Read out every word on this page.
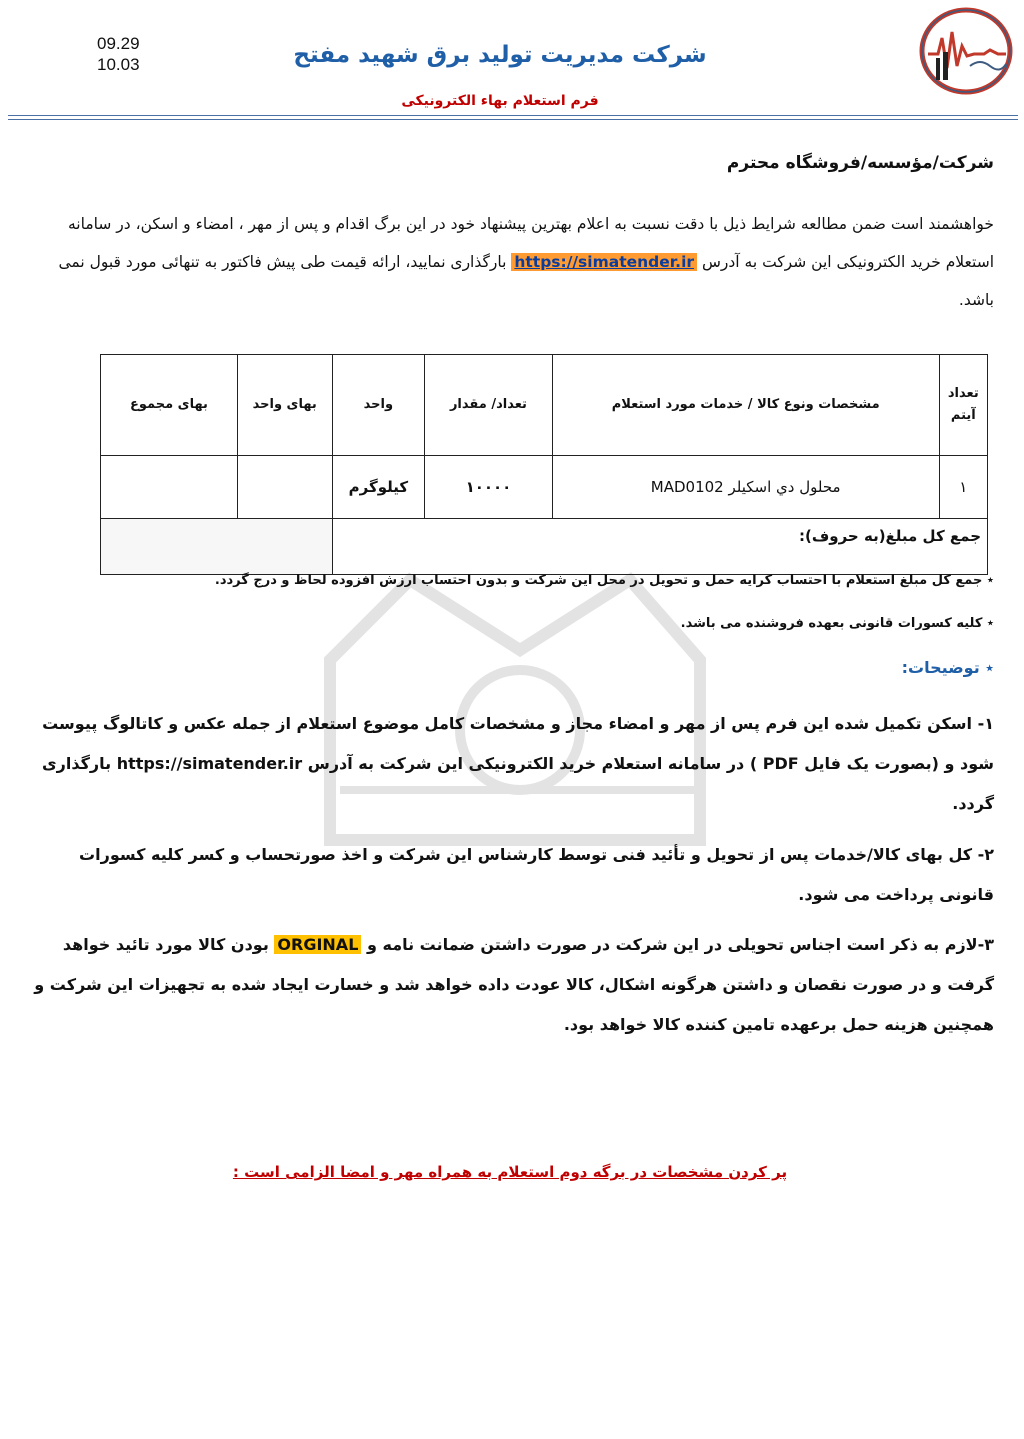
09.29
10.03	شرکت مدیریت تولید برق شهید مفتح
فرم استعلام بهاء الکترونیکی
شرکت/مؤسسه/فروشگاه محترم
خواهشمند است ضمن مطالعه شرایط ذیل با دقت نسبت به اعلام بهترین پیشنهاد خود در این برگ اقدام و پس از مهر ، امضاء و اسکن، در سامانه استعلام خرید الکترونیکی این شرکت به آدرس https://simatender.ir بارگذاری نمایید، ارائه قیمت طی پیش فاکتور به تنهائی مورد قبول نمی باشد.
تعداد آیتم	مشخصات ونوع کالا / خدمات مورد استعلام	تعداد/ مقدار	واحد	بهای واحد	بهای مجموع
۱	محلول دي اسكيلر MAD0102	۱۰۰۰۰	کیلوگرم		
جمع کل مبلغ(به حروف):					
٭ جمع کل مبلغ استعلام با احتساب کرایه حمل و تحویل در محل این شرکت و بدون احتساب ارزش افزوده لحاظ و درج گردد.
٭ کلیه کسورات قانونی بعهده فروشنده می باشد.
٭ توضیحات:
۱- اسکن تکمیل شده این فرم پس از مهر و امضاء مجاز و مشخصات کامل موضوع استعلام از جمله عکس و کاتالوگ پیوست شود و (بصورت یک فایل PDF ) در سامانه استعلام خرید الکترونیکی این شرکت به آدرس https://simatender.ir بارگذاری گردد.
۲- کل بهای کالا/خدمات پس از تحویل و تأئید فنی توسط کارشناس این شرکت و اخذ صورتحساب و کسر کلیه کسورات قانونی پرداخت می شود.
۳-لازم به ذکر است اجناس تحویلی در این شرکت در صورت داشتن ضمانت نامه و ORGINAL بودن کالا مورد تائید خواهد گرفت و در صورت نقصان و داشتن هرگونه اشکال، کالا عودت داده خواهد شد و خسارت ایجاد شده به تجهیزات این شرکت و همچنین هزینه حمل برعهده تامین کننده کالا خواهد بود.
پر کردن مشخصات در برگه دوم استعلام به همراه مهر و امضا الزامی است :
